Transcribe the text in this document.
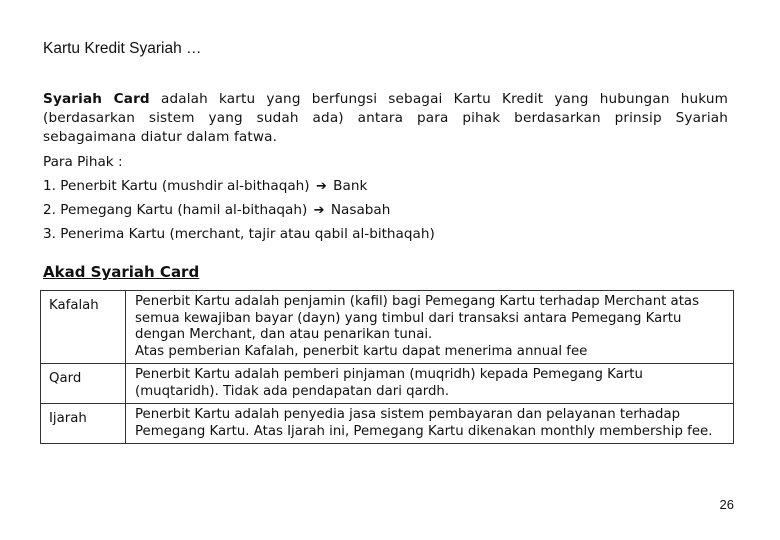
Kartu Kredit Syariah …
Syariah Card adalah kartu yang berfungsi sebagai Kartu Kredit yang hubungan hukum (berdasarkan sistem yang sudah ada) antara para pihak berdasarkan prinsip Syariah sebagaimana diatur dalam fatwa.
Para Pihak :
1. Penerbit Kartu (mushdir al-bithaqah) ➔ Bank
2. Pemegang Kartu (hamil al-bithaqah) ➔ Nasabah
3. Penerima Kartu (merchant, tajir atau qabil al-bithaqah)
Akad Syariah Card
Kafalah	Penerbit Kartu adalah penjamin (kafil) bagi Pemegang Kartu terhadap Merchant atas semua kewajiban bayar (dayn) yang timbul dari transaksi antara Pemegang Kartu dengan Merchant, dan atau penarikan tunai.
Atas pemberian Kafalah, penerbit kartu dapat menerima annual fee

Qard	Penerbit Kartu adalah pemberi pinjaman (muqridh) kepada Pemegang Kartu (muqtaridh). Tidak ada pendapatan dari qardh.

Ijarah	Penerbit Kartu adalah penyedia jasa sistem pembayaran dan pelayanan terhadap Pemegang Kartu. Atas Ijarah ini, Pemegang Kartu dikenakan monthly membership fee.
26
